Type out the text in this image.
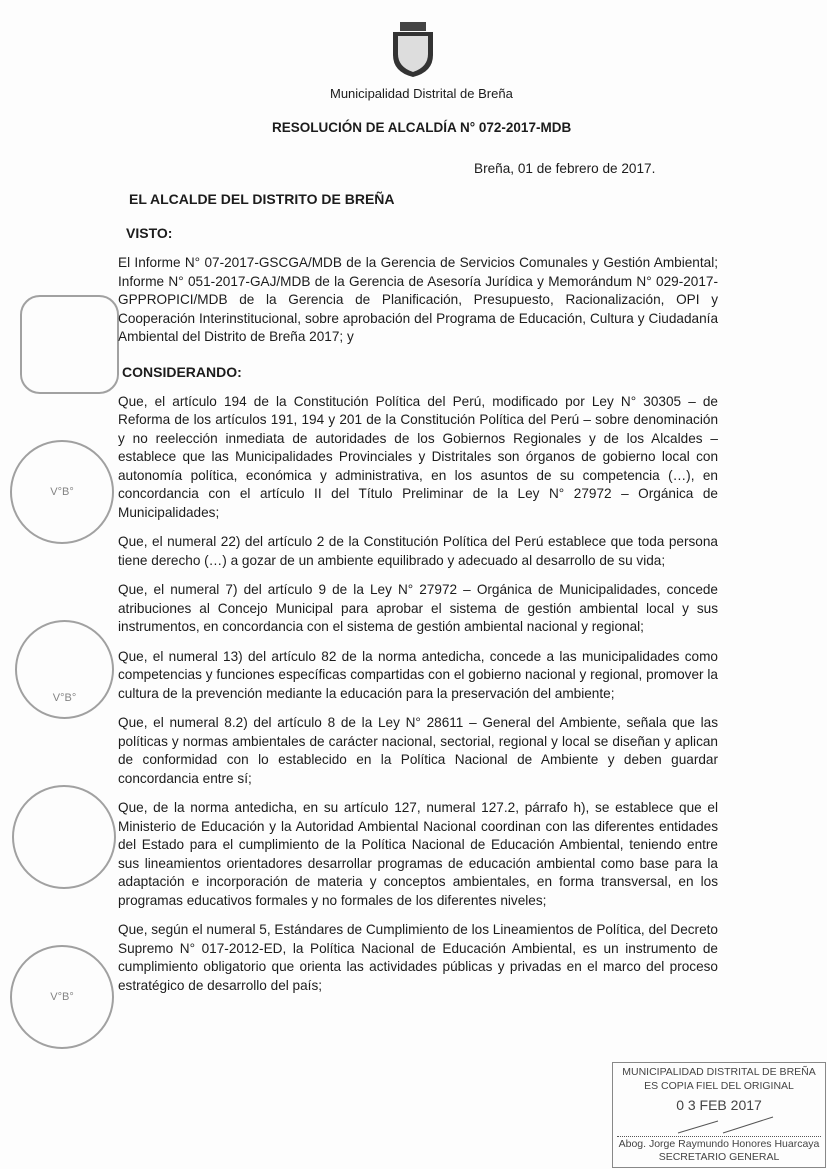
Municipalidad Distrital de Breña
RESOLUCIÓN DE ALCALDÍA N° 072-2017-MDB
Breña, 01 de febrero de 2017.
EL ALCALDE DEL DISTRITO DE BREÑA
VISTO:
El Informe N° 07-2017-GSCGA/MDB de la Gerencia de Servicios Comunales y Gestión Ambiental; Informe N° 051-2017-GAJ/MDB de la Gerencia de Asesoría Jurídica y Memorándum N° 029-2017-GPPROPICI/MDB de la Gerencia de Planificación, Presupuesto, Racionalización, OPI y Cooperación Interinstitucional, sobre aprobación del Programa de Educación, Cultura y Ciudadanía Ambiental del Distrito de Breña 2017; y
CONSIDERANDO:
Que, el artículo 194 de la Constitución Política del Perú, modificado por Ley N° 30305 – de Reforma de los artículos 191, 194 y 201 de la Constitución Política del Perú – sobre denominación y no reelección inmediata de autoridades de los Gobiernos Regionales y de los Alcaldes – establece que las Municipalidades Provinciales y Distritales son órganos de gobierno local con autonomía política, económica y administrativa, en los asuntos de su competencia (…), en concordancia con el artículo II del Título Preliminar de la Ley N° 27972 – Orgánica de Municipalidades;
Que, el numeral 22) del artículo 2 de la Constitución Política del Perú establece que toda persona tiene derecho (…) a gozar de un ambiente equilibrado y adecuado al desarrollo de su vida;
Que, el numeral 7) del artículo 9 de la Ley N° 27972 – Orgánica de Municipalidades, concede atribuciones al Concejo Municipal para aprobar el sistema de gestión ambiental local y sus instrumentos, en concordancia con el sistema de gestión ambiental nacional y regional;
Que, el numeral 13) del artículo 82 de la norma antedicha, concede a las municipalidades como competencias y funciones específicas compartidas con el gobierno nacional y regional, promover la cultura de la prevención mediante la educación para la preservación del ambiente;
Que, el numeral 8.2) del artículo 8 de la Ley N° 28611 – General del Ambiente, señala que las políticas y normas ambientales de carácter nacional, sectorial, regional y local se diseñan y aplican de conformidad con lo establecido en la Política Nacional de Ambiente y deben guardar concordancia entre sí;
Que, de la norma antedicha, en su artículo 127, numeral 127.2, párrafo h), se establece que el Ministerio de Educación y la Autoridad Ambiental Nacional coordinan con las diferentes entidades del Estado para el cumplimiento de la Política Nacional de Educación Ambiental, teniendo entre sus lineamientos orientadores desarrollar programas de educación ambiental como base para la adaptación e incorporación de materia y conceptos ambientales, en forma transversal, en los programas educativos formales y no formales de los diferentes niveles;
Que, según el numeral 5, Estándares de Cumplimiento de los Lineamientos de Política, del Decreto Supremo N° 017-2012-ED, la Política Nacional de Educación Ambiental, es un instrumento de cumplimiento obligatorio que orienta las actividades públicas y privadas en el marco del proceso estratégico de desarrollo del país;
V°B°
V°B°
V°B°
MUNICIPALIDAD DISTRITAL DE BREÑA
ES COPIA FIEL DEL ORIGINAL
0 3 FEB 2017
Abog. Jorge Raymundo Honores Huarcaya
SECRETARIO GENERAL
